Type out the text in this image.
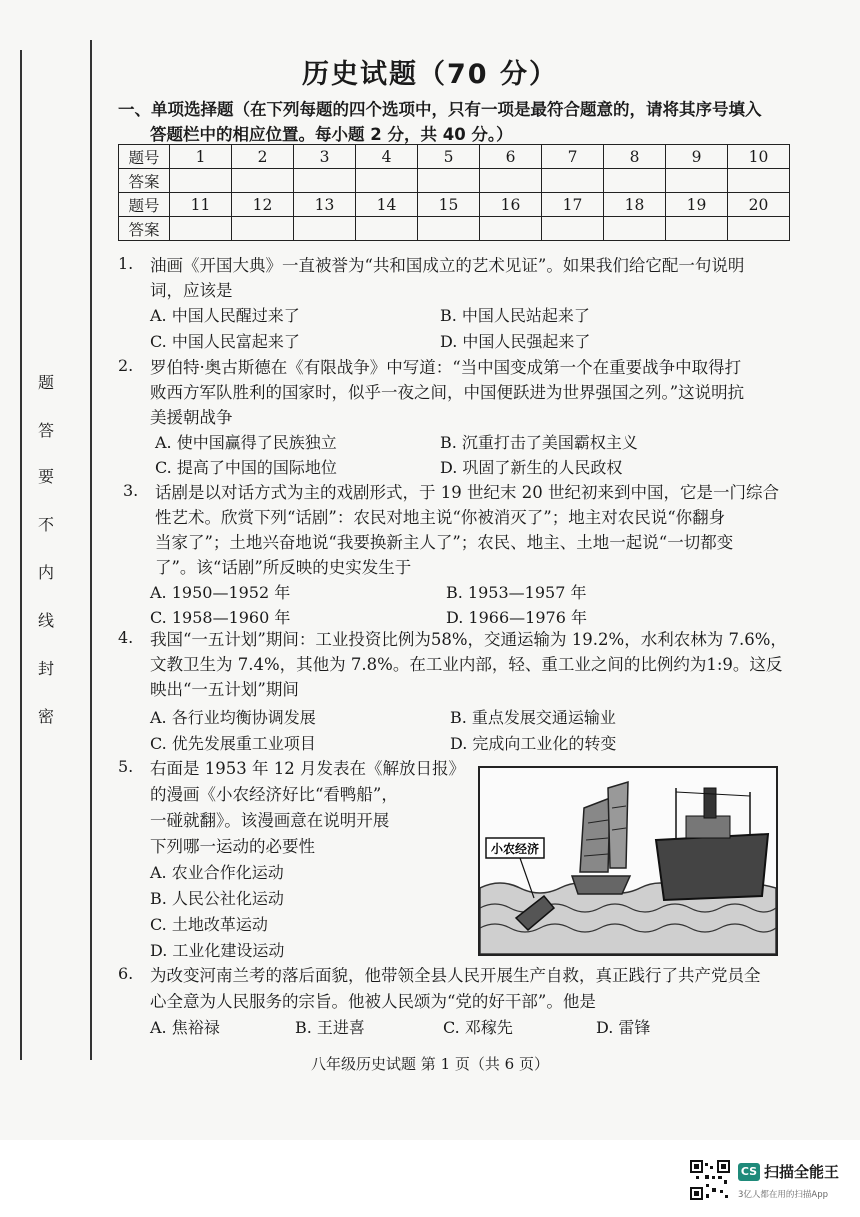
题
答
要
不
内
线
封
密
历史试题（70 分）
一、单项选择题（在下列每题的四个选项中，只有一项是最符合题意的，请将其序号填入
答题栏中的相应位置。每小题 2 分，共 40 分。）
题号	1	2	3	4	5	6	7	8	9	10
答案										
题号	11	12	13	14	15	16	17	18	19	20
答案										
1. 油画《开国大典》一直被誉为“共和国成立的艺术见证”。如果我们给它配一句说明
词，应该是
A. 中国人民醒过来了	B. 中国人民站起来了
C. 中国人民富起来了	D. 中国人民强起来了
2. 罗伯特·奥古斯德在《有限战争》中写道：“当中国变成第一个在重要战争中取得打
败西方军队胜利的国家时，似乎一夜之间，中国便跃进为世界强国之列。”这说明抗
美援朝战争
A. 使中国赢得了民族独立	B. 沉重打击了美国霸权主义
C. 提高了中国的国际地位	D. 巩固了新生的人民政权
3. 话剧是以对话方式为主的戏剧形式，于 19 世纪末 20 世纪初来到中国，它是一门综合
性艺术。欣赏下列“话剧”：农民对地主说“你被消灭了”；地主对农民说“你翻身
当家了”；土地兴奋地说“我要换新主人了”；农民、地主、土地一起说“一切都变
了”。该“话剧”所反映的史实发生于
A. 1950—1952 年	B. 1953—1957 年
C. 1958—1960 年	D. 1966—1976 年
4. 我国“一五计划”期间：工业投资比例为58%，交通运输为 19.2%，水利农林为 7.6%，
文教卫生为 7.4%，其他为 7.8%。在工业内部，轻、重工业之间的比例约为1:9。这反
映出“一五计划”期间
A. 各行业均衡协调发展	B. 重点发展交通运输业
C. 优先发展重工业项目	D. 完成向工业化的转变
5. 右面是 1953 年 12 月发表在《解放日报》
的漫画《小农经济好比“看鸭船”，
一碰就翻》。该漫画意在说明开展
下列哪一运动的必要性
A. 农业合作化运动
B. 人民公社化运动
C. 土地改革运动
D. 工业化建设运动
小农经济
6. 为改变河南兰考的落后面貌，他带领全县人民开展生产自救，真正践行了共产党员全
心全意为人民服务的宗旨。他被人民颂为“党的好干部”。他是
A. 焦裕禄	B. 王进喜	C. 邓稼先	D. 雷锋
八年级历史试题 第 1 页（共 6 页）
CS 扫描全能王
3亿人都在用的扫描App
